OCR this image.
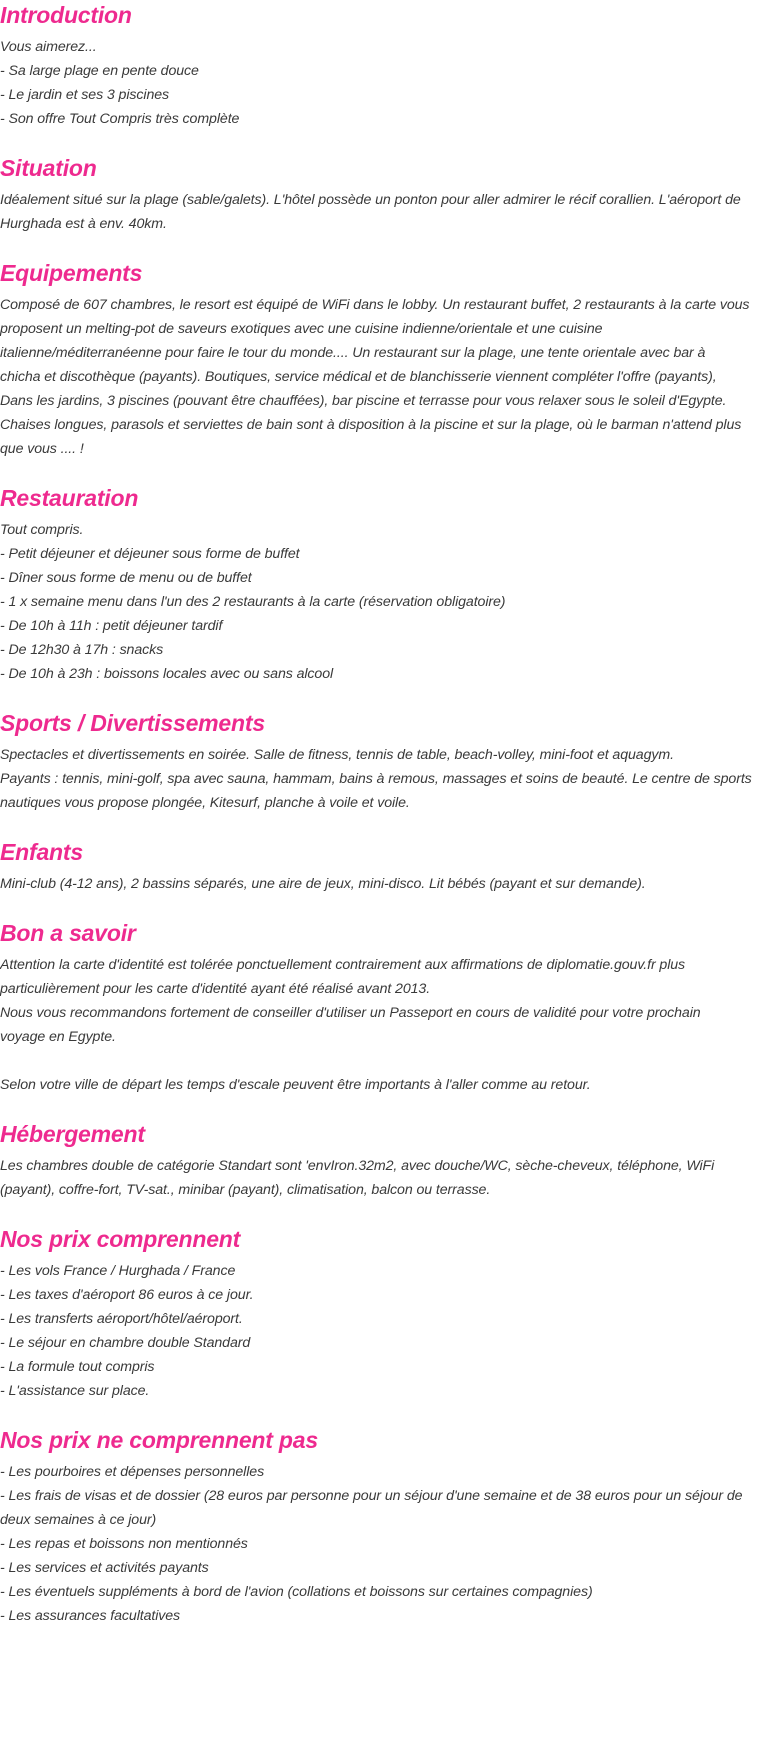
Introduction
Vous aimerez...
- Sa large plage en pente douce
- Le jardin et ses 3 piscines
- Son offre Tout Compris très complète
Situation
Idéalement situé sur la plage (sable/galets). L'hôtel possède un ponton pour aller admirer le récif corallien. L'aéroport de
Hurghada est à env. 40km.
Equipements
Composé de 607 chambres, le resort est équipé de WiFi dans le lobby. Un restaurant buffet, 2 restaurants à la carte vous
proposent un melting-pot de saveurs exotiques avec une cuisine indienne/orientale et une cuisine
italienne/méditerranéenne pour faire le tour du monde.... Un restaurant sur la plage, une tente orientale avec bar à
chicha et discothèque (payants). Boutiques, service médical et de blanchisserie viennent compléter l'offre (payants),
Dans les jardins, 3 piscines (pouvant être chauffées), bar piscine et terrasse pour vous relaxer sous le soleil d'Egypte.
Chaises longues, parasols et serviettes de bain sont à disposition à la piscine et sur la plage, où le barman n'attend plus
que vous .... !
Restauration
Tout compris.
- Petit déjeuner et déjeuner sous forme de buffet
- Dîner sous forme de menu ou de buffet
- 1 x semaine menu dans l'un des 2 restaurants à la carte (réservation obligatoire)
- De 10h à 11h : petit déjeuner tardif
- De 12h30 à 17h : snacks
- De 10h à 23h : boissons locales avec ou sans alcool
Sports / Divertissements
Spectacles et divertissements en soirée. Salle de fitness, tennis de table, beach-volley, mini-foot et aquagym.
Payants : tennis, mini-golf, spa avec sauna, hammam, bains à remous, massages et soins de beauté. Le centre de sports
nautiques vous propose plongée, Kitesurf, planche à voile et voile.
Enfants
Mini-club (4-12 ans), 2 bassins séparés, une aire de jeux, mini-disco. Lit bébés (payant et sur demande).
Bon a savoir
Attention la carte d'identité est tolérée ponctuellement contrairement aux affirmations de diplomatie.gouv.fr plus
particulièrement pour les carte d'identité ayant été réalisé avant 2013.
Nous vous recommandons fortement de conseiller d'utiliser un Passeport en cours de validité pour votre prochain
voyage en Egypte.
Selon votre ville de départ les temps d'escale peuvent être importants à l'aller comme au retour.
Hébergement
Les chambres double de catégorie Standart sont 'envIron.32m2, avec douche/WC, sèche-cheveux, téléphone, WiFi
(payant), coffre-fort, TV-sat., minibar (payant), climatisation, balcon ou terrasse.
Nos prix comprennent
- Les vols France / Hurghada / France
- Les taxes d'aéroport 86 euros à ce jour.
- Les transferts aéroport/hôtel/aéroport.
- Le séjour en chambre double Standard
- La formule tout compris
- L'assistance sur place.
Nos prix ne comprennent pas
- Les pourboires et dépenses personnelles
- Les frais de visas et de dossier (28 euros par personne pour un séjour d'une semaine et de 38 euros pour un séjour de
deux semaines à ce jour)
- Les repas et boissons non mentionnés
- Les services et activités payants
- Les éventuels suppléments à bord de l'avion (collations et boissons sur certaines compagnies)
- Les assurances facultatives
